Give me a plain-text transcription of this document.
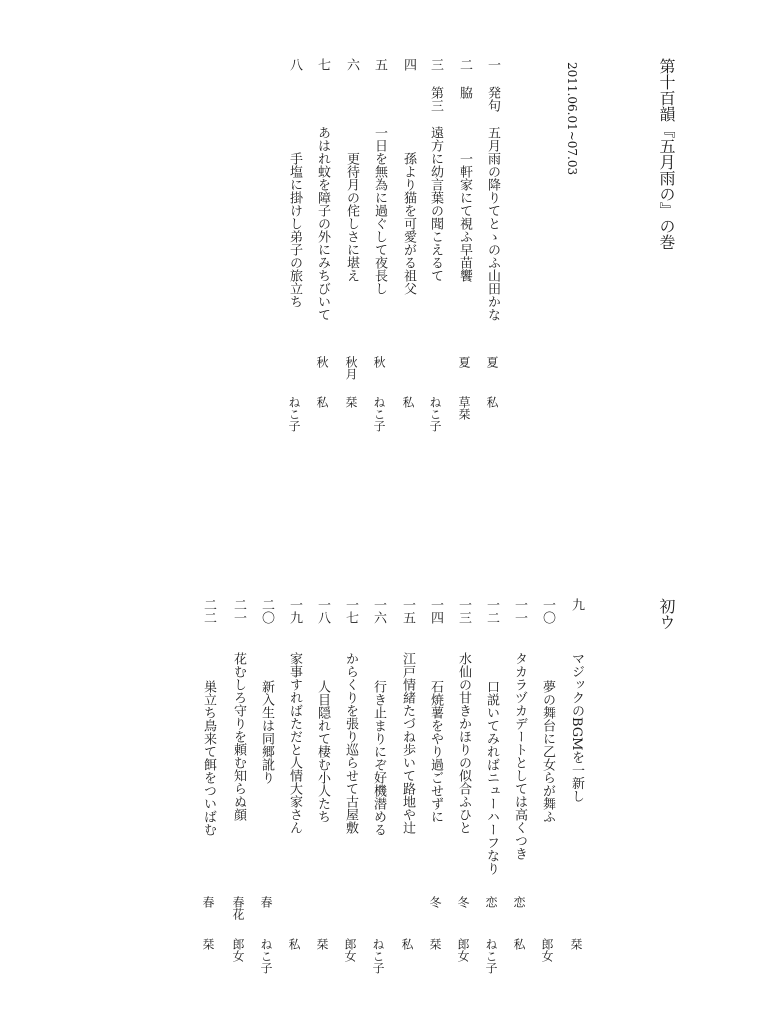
第十百韻『五月雨の』の巻
2011.06.01~07.03
初ウ
一
発句
五月雨の降りてとゝのふ山田かな
夏
私
二
脇
一軒家にて視ふ早苗饗
夏
草栞
三
第三
遠方に幼言葉の聞こえるて
ねこ子
四
孫より猫を可愛がる祖父
私
五
一日を無為に過ぐして夜長し
秋
ねこ子
六
更待月の侘しさに堪え
秋月
栞
七
あはれ蚊を障子の外にみちびいて
秋
私
八
手塩に掛けし弟子の旅立ち
ねこ子
九
マジックのBGMを一新し
栞
一〇
夢の舞台に乙女らが舞ふ
郎女
一一
タカラヅカデートとしては高くつき
恋
私
一二
口説いてみればニューハーフなり
恋
ねこ子
一三
水仙の甘きかほりの似合ふひと
冬
郎女
一四
石焼薯をやり過ごせずに
冬
栞
一五
江戸情緒たづね歩いて路地や辻
私
一六
行き止まりにぞ好機潜める
ねこ子
一七
からくりを張り巡らせて古屋敷
郎女
一八
人目隠れて棲む小人たち
栞
一九
家事すればただと人情大家さん
私
二〇
新入生は同郷訛り
春
ねこ子
二一
花むしろ守りを頼む知らぬ顔
春花
郎女
二二
巣立ち鳥来て餌をついばむ
春
栞
